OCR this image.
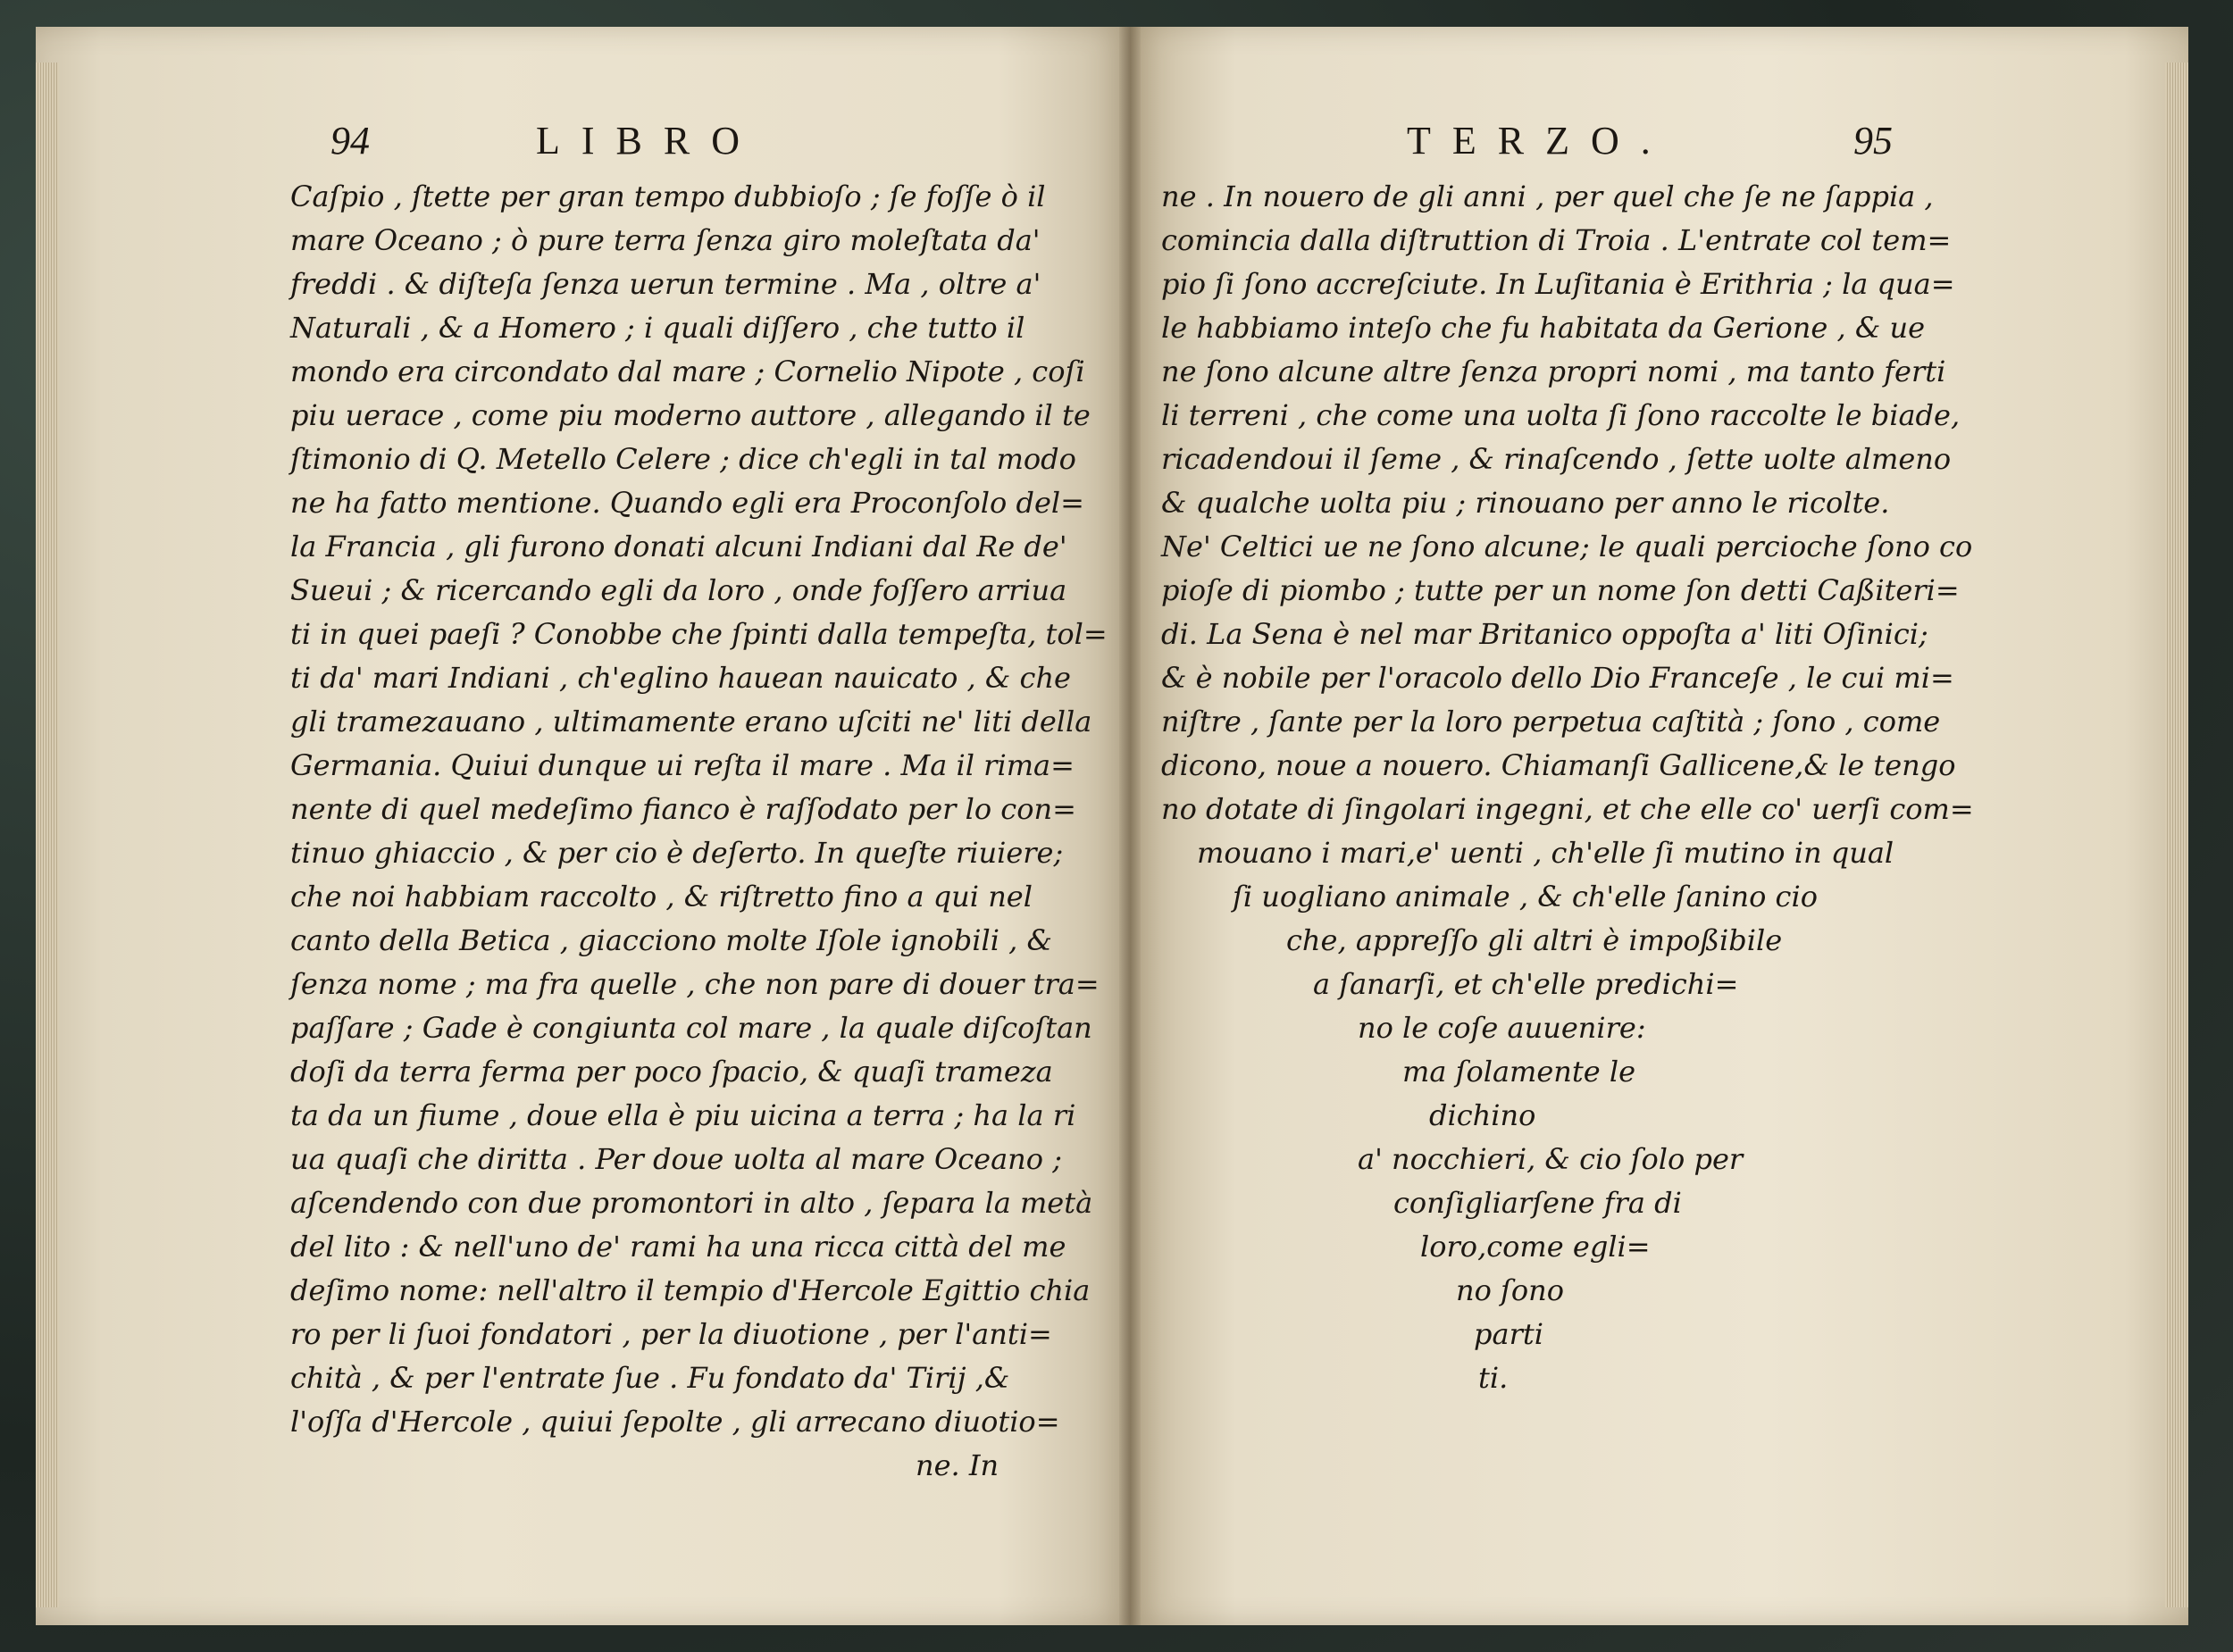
94	LIBRO	TERZO.	95
Caſpio , ſtette per gran tempo dubbioſo ; ſe foſſe ò il
mare Oceano ; ò pure terra ſenza giro moleſtata da'
freddi . & diſteſa ſenza uerun termine . Ma , oltre a'
Naturali , & a Homero ; i quali diſſero , che tutto il
mondo era circondato dal mare ; Cornelio Nipote , coſi
piu uerace , come piu moderno auttore , allegando il te
ſtimonio di Q. Metello Celere ; dice ch'egli in tal modo
ne ha fatto mentione. Quando egli era Proconſolo del=
la Francia , gli furono donati alcuni Indiani dal Re de'
Sueui ; & ricercando egli da loro , onde foſſero arriua
ti in quei paeſi ? Conobbe che ſpinti dalla tempeſta, tol=
ti da' mari Indiani , ch'eglino hauean nauicato , & che
gli tramezauano , ultimamente erano uſciti ne' liti della
Germania. Quiui dunque ui reſta il mare . Ma il rima=
nente di quel medeſimo fianco è raſſodato per lo con=
tinuo ghiaccio , & per cio è deſerto. In queſte riuiere;
che noi habbiam raccolto , & riſtretto fino a qui nel
canto della Betica , giacciono molte Iſole ignobili , &
ſenza nome ; ma fra quelle , che non pare di douer tra=
paſſare ; Gade è congiunta col mare , la quale diſcoſtan
doſi da terra ferma per poco ſpacio, & quaſi trameza
ta da un fiume , doue ella è piu uicina a terra ; ha la ri
ua quaſi che diritta . Per doue uolta al mare Oceano ;
aſcendendo con due promontori in alto , ſepara la metà
del lito : & nell'uno de' rami ha una ricca città del me
deſimo nome: nell'altro il tempio d'Hercole Egittio chia
ro per li ſuoi fondatori , per la diuotione , per l'anti=
chità , & per l'entrate ſue . Fu fondato da' Tirij ,&
l'oſſa d'Hercole , quiui ſepolte , gli arrecano diuotio=
ne. In
ne . In nouero de gli anni , per quel che ſe ne ſappia ,
comincia dalla diſtruttion di Troia . L'entrate col tem=
pio ſi ſono accreſciute. In Luſitania è Erithria ; la qua=
le habbiamo inteſo che fu habitata da Gerione , & ue
ne ſono alcune altre ſenza propri nomi , ma tanto ferti
li terreni , che come una uolta ſi ſono raccolte le biade,
ricadendoui il ſeme , & rinaſcendo , ſette uolte almeno
& qualche uolta piu ; rinouano per anno le ricolte.
Ne' Celtici ue ne ſono alcune; le quali percioche ſono co
pioſe di piombo ; tutte per un nome ſon detti Caßiteri=
di. La Sena è nel mar Britanico oppoſta a' liti Oſinici;
& è nobile per l'oracolo dello Dio Franceſe , le cui mi=
niſtre , ſante per la loro perpetua caſtità ; ſono , come
dicono, noue a nouero. Chiamanſi Gallicene,& le tengo
no dotate di ſingolari ingegni, et che elle co' uerſi com=
mouano i mari,e' uenti , ch'elle ſi mutino in qual
ſi uogliano animale , & ch'elle ſanino cio
che, appreſſo gli altri è impoßibile
a ſanarſi, et ch'elle predichi=
no le coſe auuenire:
ma ſolamente le
dichino
a' nocchieri, & cio ſolo per
conſigliarſene fra di
loro,come egli=
no ſono
parti
ti.
